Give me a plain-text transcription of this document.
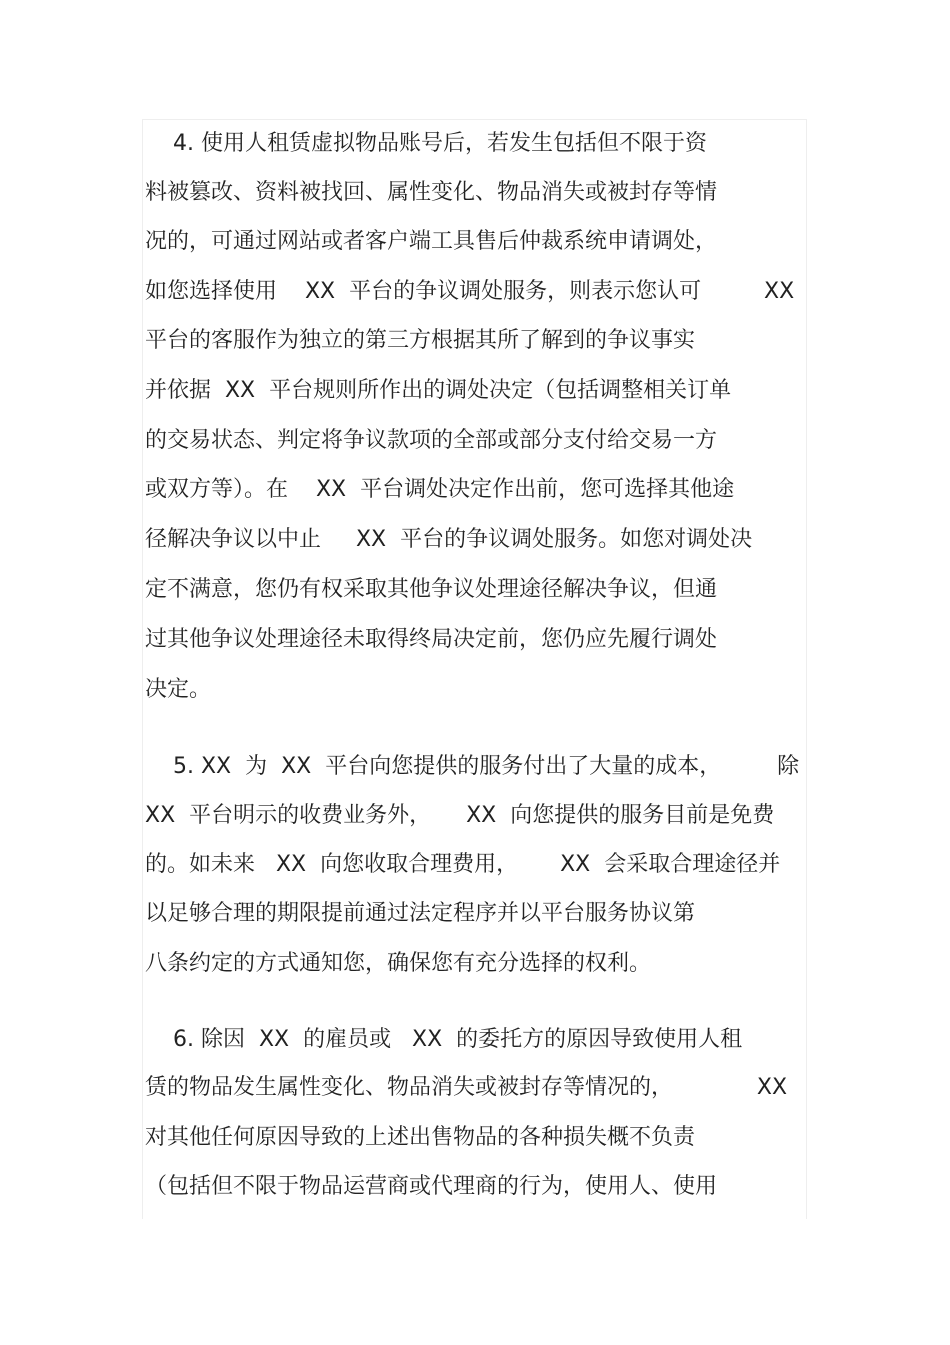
4. 使用人租赁虚拟物品账号后，若发生包括但不限于资
料被篡改、资料被找回、属性变化、物品消失或被封存等情
况的，可通过网站或者客户端工具售后仲裁系统申请调处，
如您选择使用    XX  平台的争议调处服务，则表示您认可         XX
平台的客服作为独立的第三方根据其所了解到的争议事实
并依据  XX  平台规则所作出的调处决定（包括调整相关订单
的交易状态、判定将争议款项的全部或部分支付给交易一方
或双方等）。在    XX  平台调处决定作出前，您可选择其他途
径解决争议以中止     XX  平台的争议调处服务。如您对调处决
定不满意，您仍有权采取其他争议处理途径解决争议，但通
过其他争议处理途径未取得终局决定前，您仍应先履行调处
决定。
5. XX  为  XX  平台向您提供的服务付出了大量的成本，        除
XX  平台明示的收费业务外，     XX  向您提供的服务目前是免费
的。如未来   XX  向您收取合理费用，      XX  会采取合理途径并
以足够合理的期限提前通过法定程序并以平台服务协议第
八条约定的方式通知您，确保您有充分选择的权利。
6. 除因  XX  的雇员或   XX  的委托方的原因导致使用人租
赁的物品发生属性变化、物品消失或被封存等情况的，            XX
对其他任何原因导致的上述出售物品的各种损失概不负责
（包括但不限于物品运营商或代理商的行为，使用人、使用
